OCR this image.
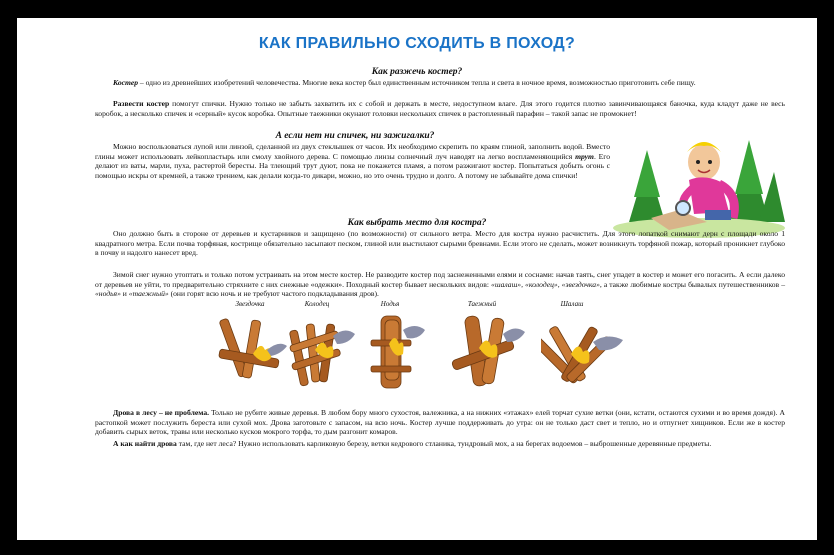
КАК ПРАВИЛЬНО СХОДИТЬ В ПОХОД?
Как разжечь костер?
Костер – одно из древнейших изобретений человечества. Многие века костер был единственным источником тепла и света в ночное время, возможностью приготовить себе пищу.
Развести костер помогут спички. Нужно только не забыть захватить их с собой и держать в месте, недоступном влаге. Для этого годится плотно завинчивающаяся баночка, куда кладут даже не весь коробок, а несколько спичек и «серный» кусок коробка. Опытные таежники окунают головки нескольких спичек в растопленный парафин – такой запас не промокнет!
А если нет ни спичек, ни зажигалки?
Можно воспользоваться лупой или линзой, сделанной из двух стеклышек от часов. Их необходимо скрепить по краям глиной, заполнить водой. Вместо глины может использовать лейкопластырь или смолу хвойного дерева. С помощью линзы солнечный луч наводят на легко воспламеняющийся трут. Его делают из ваты, марли, пуха, растертой бересты. На тлеющий трут дуют, пока не покажется пламя, а потом разжигают костер. Попытаться добыть огонь с помощью искры от кремней, а также трением, как делали когда-то дикари, можно, но это очень трудно и долго. А потому не забывайте дома спички!
Как выбрать место для костра?
Оно должно быть в стороне от деревьев и кустарников и защищено (по возможности) от сильного ветра. Место для костра нужно расчистить. Для этого лопаткой снимают дерн с площади около 1 квадратного метра. Если почва торфяная, кострище обязательно засыпают песком, глиной или выстилают сырыми бревнами. Если этого не сделать, может возникнуть торфяной пожар, который проникнет глубоко в почву и надолго нанесет вред.
Зимой снег нужно утоптать и только потом устраивать на этом месте костер. Не разводите костер под заснеженными елями и соснами: начав таять, снег упадет в костер и может его погасить. А если далеко от деревьев не уйти, то предварительно стряхните с них снежные «одежки». Походный костер бывает нескольких видов: «шалаш», «колодец», «звездочка», а также любимые костры бывалых путешественников – «нодья» и «таежный» (они горят всю ночь и не требуют частого подкладывания дров).
Звездочка	Колодец	Нодья	Таежный	Шалаш
Дрова в лесу – не проблема. Только не рубите живые деревья. В любом бору много сухостоя, валежника, а на нижних «этажах» елей торчат сухие ветки (они, кстати, остаются сухими и во время дождя). А растопкой может послужить береста или сухой мох. Дрова заготовьте с запасом, на всю ночь. Костер лучше поддерживать до утра: он не только даст свет и тепло, но и отпугнет хищников. Если же в костер добавить сырых веток, травы или несколько кусков мокрого торфа, то дым разгонит комаров.
А как найти дрова там, где нет леса? Нужно использовать карликовую березу, ветки кедрового стланика, тундровый мох, а на берегах водоемов – выброшенные деревянные предметы.
